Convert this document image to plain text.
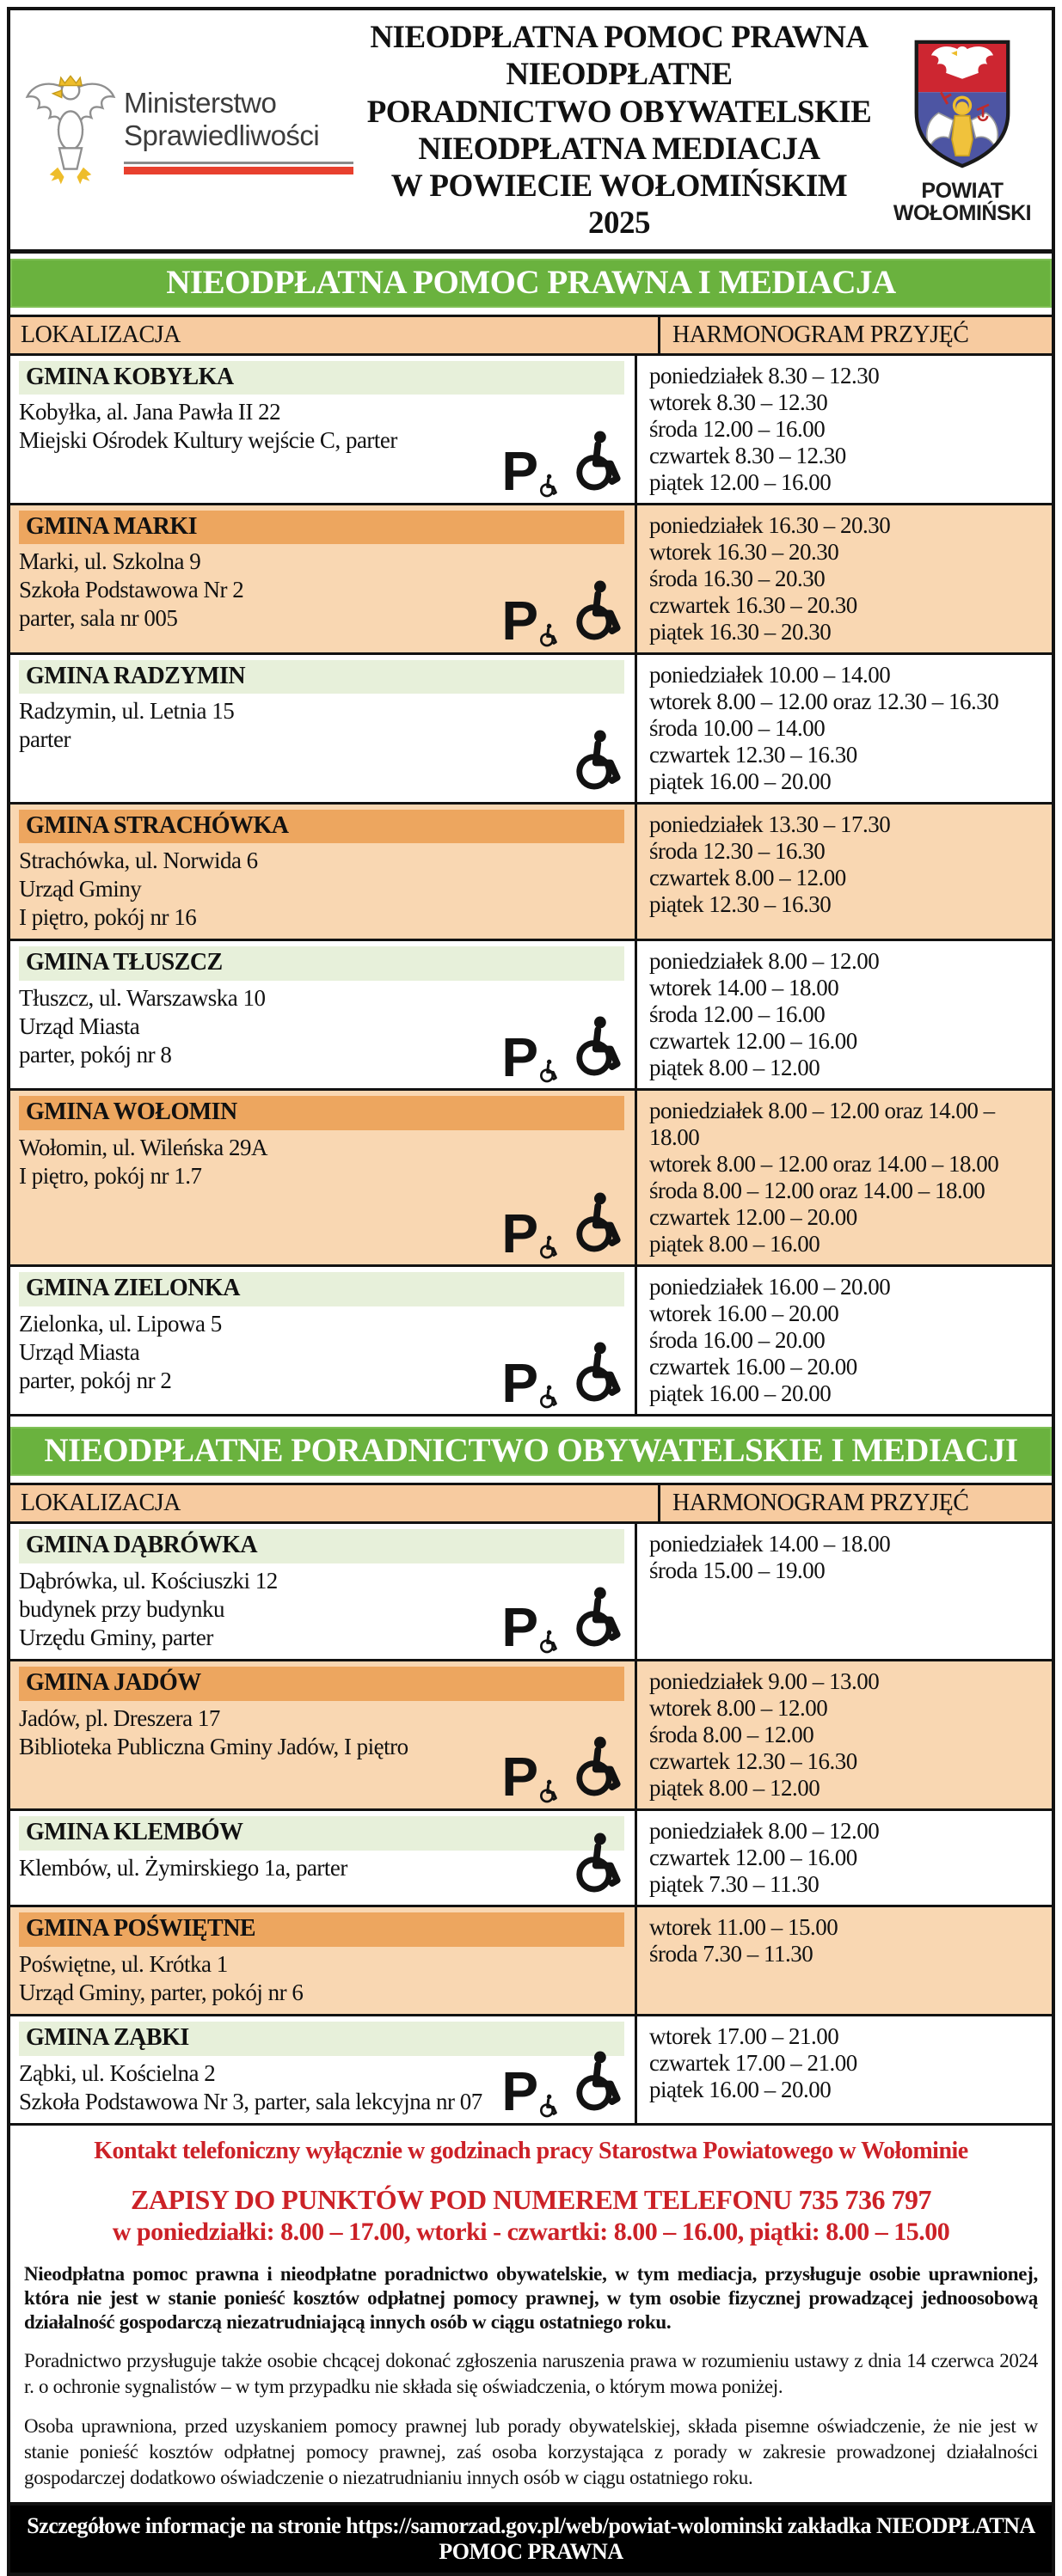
Ministerstwo
Sprawiedliwości
NIEODPŁATNA POMOC PRAWNA
NIEODPŁATNE
PORADNICTWO OBYWATELSKIE
NIEODPŁATNA MEDIACJA
W POWIECIE WOŁOMIŃSKIM 2025
POWIAT
WOŁOMIŃSKI
NIEODPŁATNA POMOC PRAWNA I MEDIACJA
LOKALIZACJA	HARMONOGRAM PRZYJĘĆ
GMINA KOBYŁKA
Kobyłka, al. Jana Pawła II 22
Miejski Ośrodek Kultury wejście C, parter	P
poniedziałek 8.30 – 12.30
wtorek 8.30 – 12.30
środa 12.00 – 16.00
czwartek 8.30 – 12.30
piątek 12.00 – 16.00
GMINA MARKI
Marki, ul. Szkolna 9
Szkoła Podstawowa Nr 2
parter, sala nr 005	P
poniedziałek 16.30 – 20.30
wtorek 16.30 – 20.30
środa 16.30 – 20.30
czwartek 16.30 – 20.30
piątek 16.30 – 20.30
GMINA RADZYMIN
Radzymin, ul. Letnia 15
parter
poniedziałek 10.00 – 14.00
wtorek 8.00 – 12.00 oraz 12.30 – 16.30
środa 10.00 – 14.00
czwartek 12.30 – 16.30
piątek 16.00 – 20.00
GMINA STRACHÓWKA
Strachówka, ul. Norwida 6
Urząd Gminy
I piętro, pokój nr 16
poniedziałek 13.30 – 17.30
środa 12.30 – 16.30
czwartek 8.00 – 12.00
piątek 12.30 – 16.30
GMINA TŁUSZCZ
Tłuszcz, ul. Warszawska 10
Urząd Miasta
parter, pokój nr 8	P
poniedziałek 8.00 – 12.00
wtorek 14.00 – 18.00
środa 12.00 – 16.00
czwartek 12.00 – 16.00
piątek 8.00 – 12.00
GMINA WOŁOMIN
Wołomin, ul. Wileńska 29A
I piętro, pokój nr 1.7
P
poniedziałek 8.00 – 12.00 oraz 14.00 – 18.00
wtorek 8.00 – 12.00 oraz 14.00 – 18.00
środa 8.00 – 12.00 oraz 14.00 – 18.00
czwartek 12.00 – 20.00
piątek 8.00 – 16.00
GMINA ZIELONKA
Zielonka, ul. Lipowa 5
Urząd Miasta
parter, pokój nr 2	P
poniedziałek 16.00 – 20.00
wtorek 16.00 – 20.00
środa 16.00 – 20.00
czwartek 16.00 – 20.00
piątek 16.00 – 20.00
NIEODPŁATNE PORADNICTWO OBYWATELSKIE I MEDIACJI
LOKALIZACJA	HARMONOGRAM PRZYJĘĆ
GMINA DĄBRÓWKA
Dąbrówka, ul. Kościuszki 12
budynek przy budynku
Urzędu Gminy, parter	P
poniedziałek 14.00 – 18.00
środa 15.00 – 19.00
GMINA JADÓW
Jadów, pl. Dreszera 17
Biblioteka Publiczna Gminy Jadów, I piętro	P
poniedziałek 9.00 – 13.00
wtorek 8.00 – 12.00
środa 8.00 – 12.00
czwartek 12.30 – 16.30
piątek 8.00 – 12.00
GMINA KLEMBÓW
Klembów, ul. Żymirskiego 1a, parter
poniedziałek 8.00 – 12.00
czwartek 12.00 – 16.00
piątek 7.30 – 11.30
GMINA POŚWIĘTNE
Poświętne, ul. Krótka 1
Urząd Gminy, parter, pokój nr 6
wtorek 11.00 – 15.00
środa 7.30 – 11.30
GMINA ZĄBKI
Ząbki, ul. Kościelna 2
Szkoła Podstawowa Nr 3, parter, sala lekcyjna nr 07 P
wtorek 17.00 – 21.00
czwartek 17.00 – 21.00
piątek 16.00 – 20.00
Kontakt telefoniczny wyłącznie w godzinach pracy Starostwa Powiatowego w Wołominie
ZAPISY DO PUNKTÓW POD NUMEREM TELEFONU 735 736 797
w poniedziałki: 8.00 – 17.00, wtorki - czwartki: 8.00 – 16.00, piątki: 8.00 – 15.00
Nieodpłatna pomoc prawna i nieodpłatne poradnictwo obywatelskie, w tym mediacja, przysługuje osobie uprawnionej, która nie jest w stanie ponieść kosztów odpłatnej pomocy prawnej, w tym osobie fizycznej prowadzącej jednoosobową działalność gospodarczą niezatrudniającą innych osób w ciągu ostatniego roku.
Poradnictwo przysługuje także osobie chcącej dokonać zgłoszenia naruszenia prawa w rozumieniu ustawy z dnia 14 czerwca 2024 r. o ochronie sygnalistów – w tym przypadku nie składa się oświadczenia, o którym mowa poniżej.
Osoba uprawniona, przed uzyskaniem pomocy prawnej lub porady obywatelskiej, składa pisemne oświadczenie, że nie jest w stanie ponieść kosztów odpłatnej pomocy prawnej, zaś osoba korzystająca z porady w zakresie prowadzonej działalności gospodarczej dodatkowo oświadczenie o niezatrudnianiu innych osób w ciągu ostatniego roku.
Szczegółowe informacje na stronie https://samorzad.gov.pl/web/powiat-wolominski zakładka NIEODPŁATNA POMOC PRAWNA
